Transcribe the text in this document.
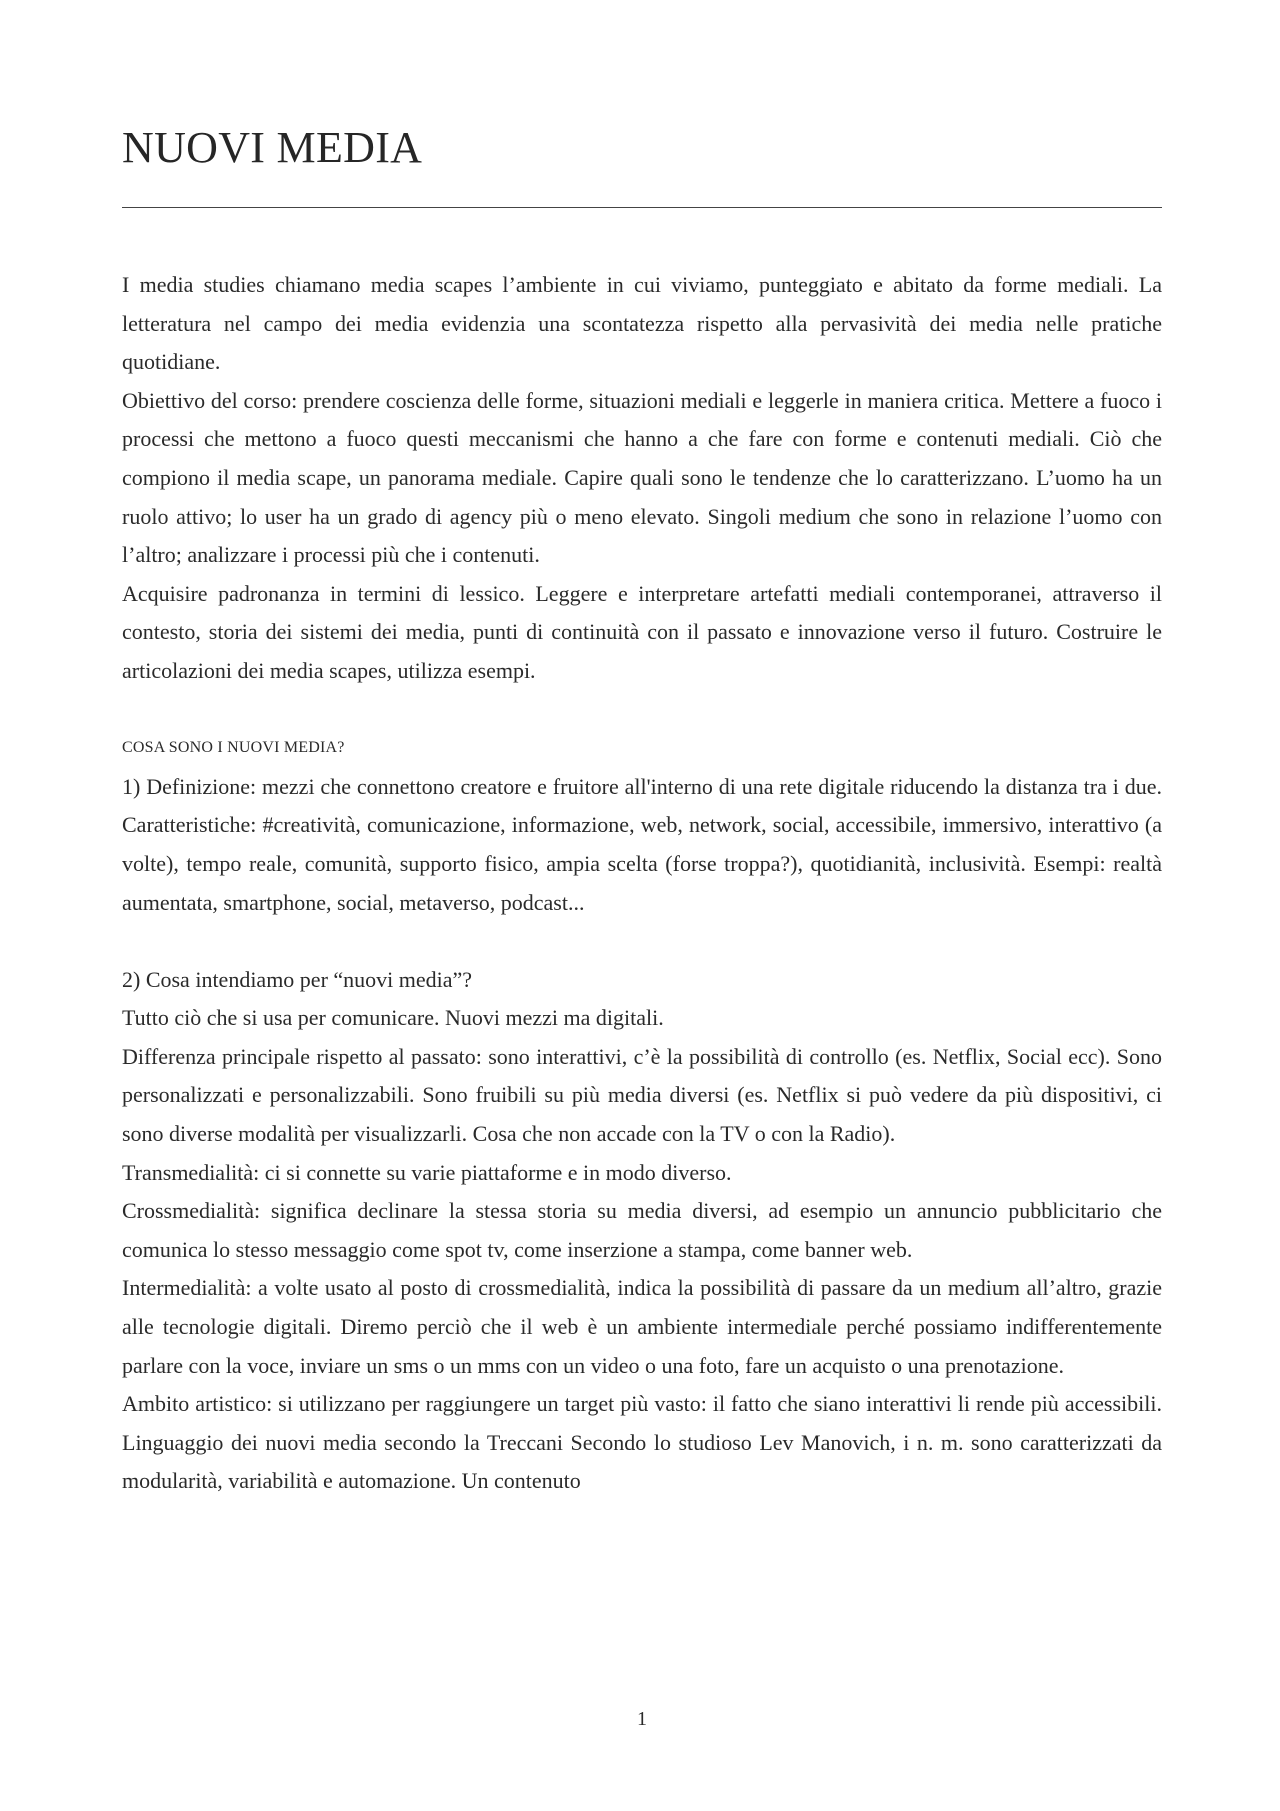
NUOVI MEDIA

I media studies chiamano media scapes l’ambiente in cui viviamo, punteggiato e abitato da forme mediali. La letteratura nel campo dei media evidenzia una scontatezza rispetto alla pervasività dei media nelle pratiche quotidiane.

Obiettivo del corso: prendere coscienza delle forme, situazioni mediali e leggerle in maniera critica. Mettere a fuoco i processi che mettono a fuoco questi meccanismi che hanno a che fare con forme e contenuti mediali. Ciò che compiono il media scape, un panorama mediale. Capire quali sono le tendenze che lo caratterizzano. L’uomo ha un ruolo attivo; lo user ha un grado di agency più o meno elevato. Singoli medium che sono in relazione l’uomo con l’altro; analizzare i processi più che i contenuti.

Acquisire padronanza in termini di lessico. Leggere e interpretare artefatti mediali contemporanei, attraverso il contesto, storia dei sistemi dei media, punti di continuità con il passato e innovazione verso il futuro. Costruire le articolazioni dei media scapes, utilizza esempi.

COSA SONO I NUOVI MEDIA?

1) Definizione: mezzi che connettono creatore e fruitore all'interno di una rete digitale riducendo la distanza tra i due. Caratteristiche: #creatività, comunicazione, informazione, web, network, social, accessibile, immersivo, interattivo (a volte), tempo reale, comunità, supporto fisico, ampia scelta (forse troppa?), quotidianità, inclusività. Esempi: realtà aumentata, smartphone, social, metaverso, podcast...

2) Cosa intendiamo per “nuovi media”?

Tutto ciò che si usa per comunicare. Nuovi mezzi ma digitali.

Differenza principale rispetto al passato: sono interattivi, c’è la possibilità di controllo (es. Netflix, Social ecc). Sono personalizzati e personalizzabili. Sono fruibili su più media diversi (es. Netflix si può vedere da più dispositivi, ci sono diverse modalità per visualizzarli. Cosa che non accade con la TV o con la Radio).

Transmedialità: ci si connette su varie piattaforme e in modo diverso.

Crossmedialità: significa declinare la stessa storia su media diversi, ad esempio un annuncio pubblicitario che comunica lo stesso messaggio come spot tv, come inserzione a stampa, come banner web.

Intermedialità: a volte usato al posto di crossmedialità, indica la possibilità di passare da un medium all’altro, grazie alle tecnologie digitali. Diremo perciò che il web è un ambiente intermediale perché possiamo indifferentemente parlare con la voce, inviare un sms o un mms con un video o una foto, fare un acquisto o una prenotazione.

Ambito artistico: si utilizzano per raggiungere un target più vasto: il fatto che siano interattivi li rende più accessibili. Linguaggio dei nuovi media secondo la Treccani Secondo lo studioso Lev Manovich, i n. m. sono caratterizzati da modularità, variabilità e automazione. Un contenuto

1
